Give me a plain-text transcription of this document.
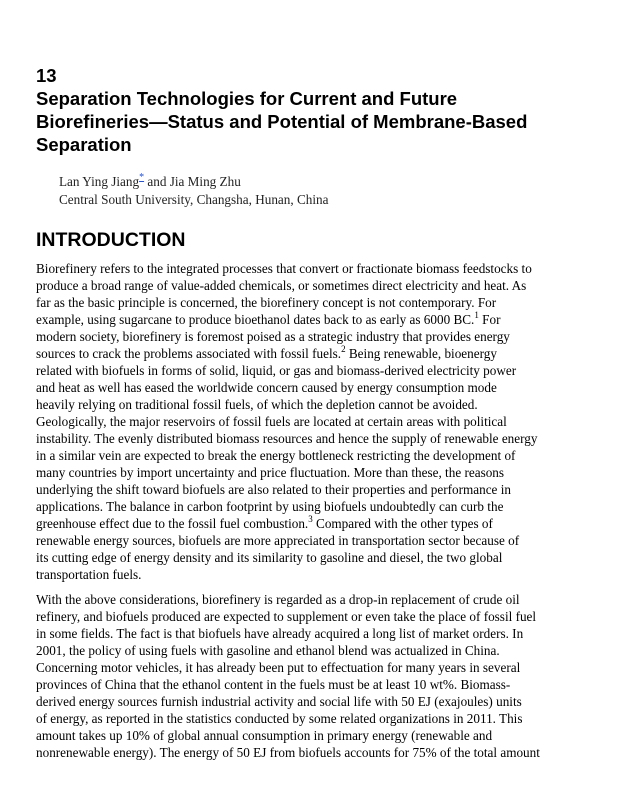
13
Separation Technologies for Current and Future
Biorefineries—Status and Potential of Membrane-Based
Separation
Lan Ying Jiang* and Jia Ming Zhu
Central South University, Changsha, Hunan, China
INTRODUCTION

Biorefinery refers to the integrated processes that convert or fractionate biomass feedstocks to
produce a broad range of value-added chemicals, or sometimes direct electricity and heat. As
far as the basic principle is concerned, the biorefinery concept is not contemporary. For
example, using sugarcane to produce bioethanol dates back to as early as 6000 BC.$^1$ For
modern society, biorefinery is foremost poised as a strategic industry that provides energy
sources to crack the problems associated with fossil fuels.$^2$ Being renewable, bioenergy
related with biofuels in forms of solid, liquid, or gas and biomass-derived electricity power
and heat as well has eased the worldwide concern caused by energy consumption mode
heavily relying on traditional fossil fuels, of which the depletion cannot be avoided.
Geologically, the major reservoirs of fossil fuels are located at certain areas with political
instability. The evenly distributed biomass resources and hence the supply of renewable energy
in a similar vein are expected to break the energy bottleneck restricting the development of
many countries by import uncertainty and price fluctuation. More than these, the reasons
underlying the shift toward biofuels are also related to their properties and performance in
applications. The balance in carbon footprint by using biofuels undoubtedly can curb the
greenhouse effect due to the fossil fuel combustion.$^3$ Compared with the other types of
renewable energy sources, biofuels are more appreciated in transportation sector because of
its cutting edge of energy density and its similarity to gasoline and diesel, the two global
transportation fuels.

With the above considerations, biorefinery is regarded as a drop-in replacement of crude oil
refinery, and biofuels produced are expected to supplement or even take the place of fossil fuel
in some fields. The fact is that biofuels have already acquired a long list of market orders. In
2001, the policy of using fuels with gasoline and ethanol blend was actualized in China.
Concerning motor vehicles, it has already been put to effectuation for many years in several
provinces of China that the ethanol content in the fuels must be at least 10 wt%. Biomass-
derived energy sources furnish industrial activity and social life with 50 EJ (exajoules) units
of energy, as reported in the statistics conducted by some related organizations in 2011. This
amount takes up 10% of global annual consumption in primary energy (renewable and
nonrenewable energy). The energy of 50 EJ from biofuels accounts for 75% of the total amount
